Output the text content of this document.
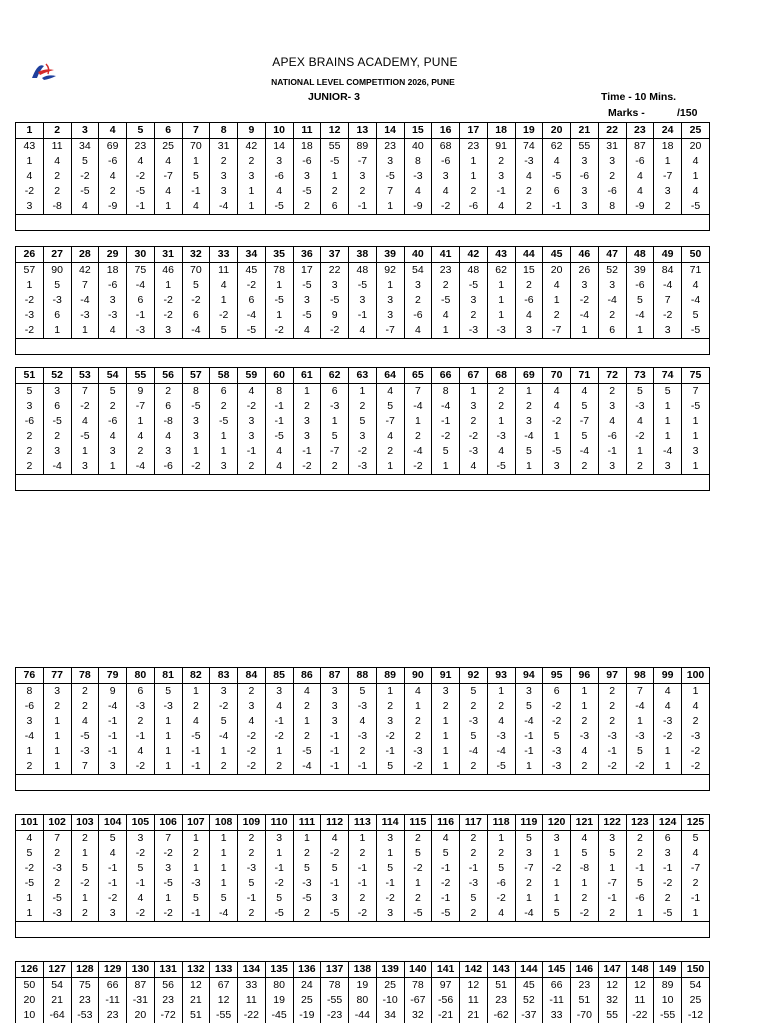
APEX BRAINS ACADEMY, PUNE
NATIONAL LEVEL COMPETITION 2026, PUNE
JUNIOR- 3	Time - 10 Mins.
Marks -	/150
1	2	3	4	5	6	7	8	9	10	11	12	13	14	15	16	17	18	19	20	21	22	23	24	25
43	11	34	69	23	25	70	31	42	14	18	55	89	23	40	68	23	91	74	62	55	31	87	18	20
1	4	5	-6	4	4	1	2	2	3	-6	-5	-7	3	8	-6	1	2	-3	4	3	3	-6	1	4
4	2	-2	4	-2	-7	5	3	3	-6	3	1	3	-5	-3	3	1	3	4	-5	-6	2	4	-7	1
-2	2	-5	2	-5	4	-1	3	1	4	-5	2	2	7	4	4	2	-1	2	6	3	-6	4	3	4
3	-8	4	-9	-1	1	4	-4	1	-5	2	6	-1	1	-9	-2	-6	4	2	-1	3	8	-9	2	-5

26	27	28	29	30	31	32	33	34	35	36	37	38	39	40	41	42	43	44	45	46	47	48	49	50
57	90	42	18	75	46	70	11	45	78	17	22	48	92	54	23	48	62	15	20	26	52	39	84	71
1	5	7	-6	-4	1	5	4	-2	1	-5	3	-5	1	3	2	-5	1	2	4	3	3	-6	-4	4
-2	-3	-4	3	6	-2	-2	1	6	-5	3	-5	3	3	2	-5	3	1	-6	1	-2	-4	5	7	-4
-3	6	-3	-3	-1	-2	6	-2	-4	1	-5	9	-1	3	-6	4	2	1	4	2	-4	2	-4	-2	5
-2	1	1	4	-3	3	-4	5	-5	-2	4	-2	4	-7	4	1	-3	-3	3	-7	1	6	1	3	-5

51	52	53	54	55	56	57	58	59	60	61	62	63	64	65	66	67	68	69	70	71	72	73	74	75
5	3	7	5	9	2	8	6	4	8	1	6	1	4	7	8	1	2	1	4	4	2	5	5	7
3	6	-2	2	-7	6	-5	2	-2	-1	2	-3	2	5	-4	-4	3	2	2	4	5	3	-3	1	-5
-6	-5	4	-6	1	-8	3	-5	3	-1	3	1	5	-7	1	-1	2	1	3	-2	-7	4	4	1	1
2	2	-5	4	4	4	3	1	3	-5	3	5	3	4	2	-2	-2	-3	-4	1	5	-6	-2	1	1
2	3	1	3	2	3	1	1	-1	4	-1	-7	-2	2	-4	5	-3	4	5	-5	-4	-1	1	-4	3
2	-4	3	1	-4	-6	-2	3	2	4	-2	2	-3	1	-2	1	4	-5	1	3	2	3	2	3	1

76	77	78	79	80	81	82	83	84	85	86	87	88	89	90	91	92	93	94	95	96	97	98	99	100
8	3	2	9	6	5	1	3	2	3	4	3	5	1	4	3	5	1	3	6	1	2	7	4	1
-6	2	2	-4	-3	-3	2	-2	3	4	2	3	-3	2	1	2	2	2	5	-2	1	2	-4	4	4
3	1	4	-1	2	1	4	5	4	-1	1	3	4	3	2	1	-3	4	-4	-2	2	2	1	-3	2
-4	1	-5	-1	-1	1	-5	-4	-2	-2	2	-1	-3	-2	2	1	5	-3	-1	5	-3	-3	-3	-2	-3
1	1	-3	-1	4	1	-1	1	-2	1	-5	-1	2	-1	-3	1	-4	-4	-1	-3	4	-1	5	1	-2
2	1	7	3	-2	1	-1	2	-2	2	-4	-1	-1	5	-2	1	2	-5	1	-3	2	-2	-2	1	-2

101	102	103	104	105	106	107	108	109	110	111	112	113	114	115	116	117	118	119	120	121	122	123	124	125
4	7	2	5	3	7	1	1	2	3	1	4	1	3	2	4	2	1	5	3	4	3	2	6	5
5	2	1	4	-2	-2	2	1	2	1	2	-2	2	1	5	5	2	2	3	1	5	5	2	3	4
-2	-3	5	-1	5	3	1	1	-3	-1	5	5	-1	5	-2	-1	-1	5	-7	-2	-8	1	-1	-1	-7
-5	2	-2	-1	-1	-5	-3	1	5	-2	-3	-1	-1	-1	1	-2	-3	-6	2	1	1	-7	5	-2	2
1	-5	1	-2	4	1	5	5	-1	5	-5	3	2	-2	2	-1	5	-2	1	1	2	-1	-6	2	-1
1	-3	2	3	-2	-2	-1	-4	2	-5	2	-5	-2	3	-5	-5	2	4	-4	5	-2	2	1	-5	1

126	127	128	129	130	131	132	133	134	135	136	137	138	139	140	141	142	143	144	145	146	147	148	149	150
50	54	75	66	87	56	12	67	33	80	24	78	19	25	78	97	12	51	45	66	23	12	12	89	54
20	21	23	-11	-31	23	21	12	11	19	25	-55	80	-10	-67	-56	11	23	52	-11	51	32	11	10	25
10	-64	-53	23	20	-72	51	-55	-22	-45	-19	-23	-44	34	32	-21	21	-62	-37	33	-70	55	-22	-55	-12
